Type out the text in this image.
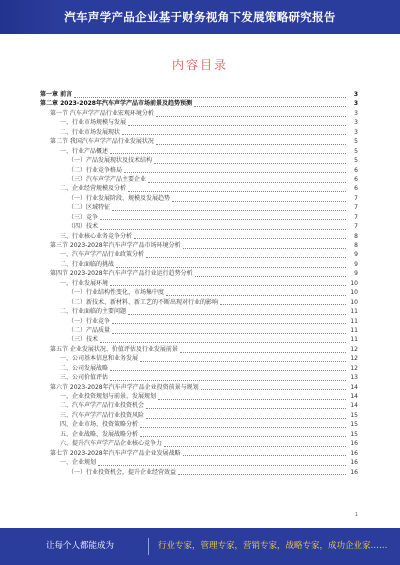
汽车声学产品企业基于财务视角下发展策略研究报告
内容目录
第一章 前言	3
第二章 2023-2028年汽车声学产品市场前景及趋势预测	3
第一节 汽车声学产品行业宏观环境分析	3
一、行业市场规模与发展	3
二、行业市场发展现状	3
第二节 我国汽车声学产品行业发展状况	5
一、行业产品概述	5
（一）产品发展现状及技术结构	5
（二）行业竞争格局	6
（三）汽车声学产品主要企业	6
二、企业经营规模及分析	6
（一）行业发展阶段、规模及发展趋势	7
（二）区域特征	7
（三）竞争	7
（四）技术	7
三、行业核心业务竞争分析	8
第三节 2023-2028年汽车声学产品市场环境分析	8
一、汽车声学产品行业政策分析	9
二、行业面临的挑战	9
第四节 2023-2028年汽车声学产品行业运行趋势分析	9
一、行业发展环境	10
（一）行业结构性变化、市场集中度	10
（二）新技术、新材料、新工艺的不断出现对行业的影响	10
二、行业面临的主要问题	11
（一）行业竞争	11
（二）产品质量	11
（三）技术	11
第五节 企业发展状况、价值评估及行业发展前景	12
一、公司基本信息和业务发展	12
二、公司发展战略	12
三、公司价值评估	13
第六节 2023-2028年汽车声学产品企业投资前景与规划	14
一、企业投资规划与前景、发展规划	14
二、汽车声学产品行业投资机会	14
三、汽车声学产品行业投资风险	15
四、企业市场、投资策略分析	15
五、企业战略、发展战略分析	15
六、提升汽车声学产品企业核心竞争力	16
第七节 2023-2028年汽车声学产品企业发展战略	16
一、企业规划	16
（一）行业投资机会，提升企业经营效益	16
1
让每个人都能成为	行业专家，管理专家，营销专家，战略专家，成功企业家……
